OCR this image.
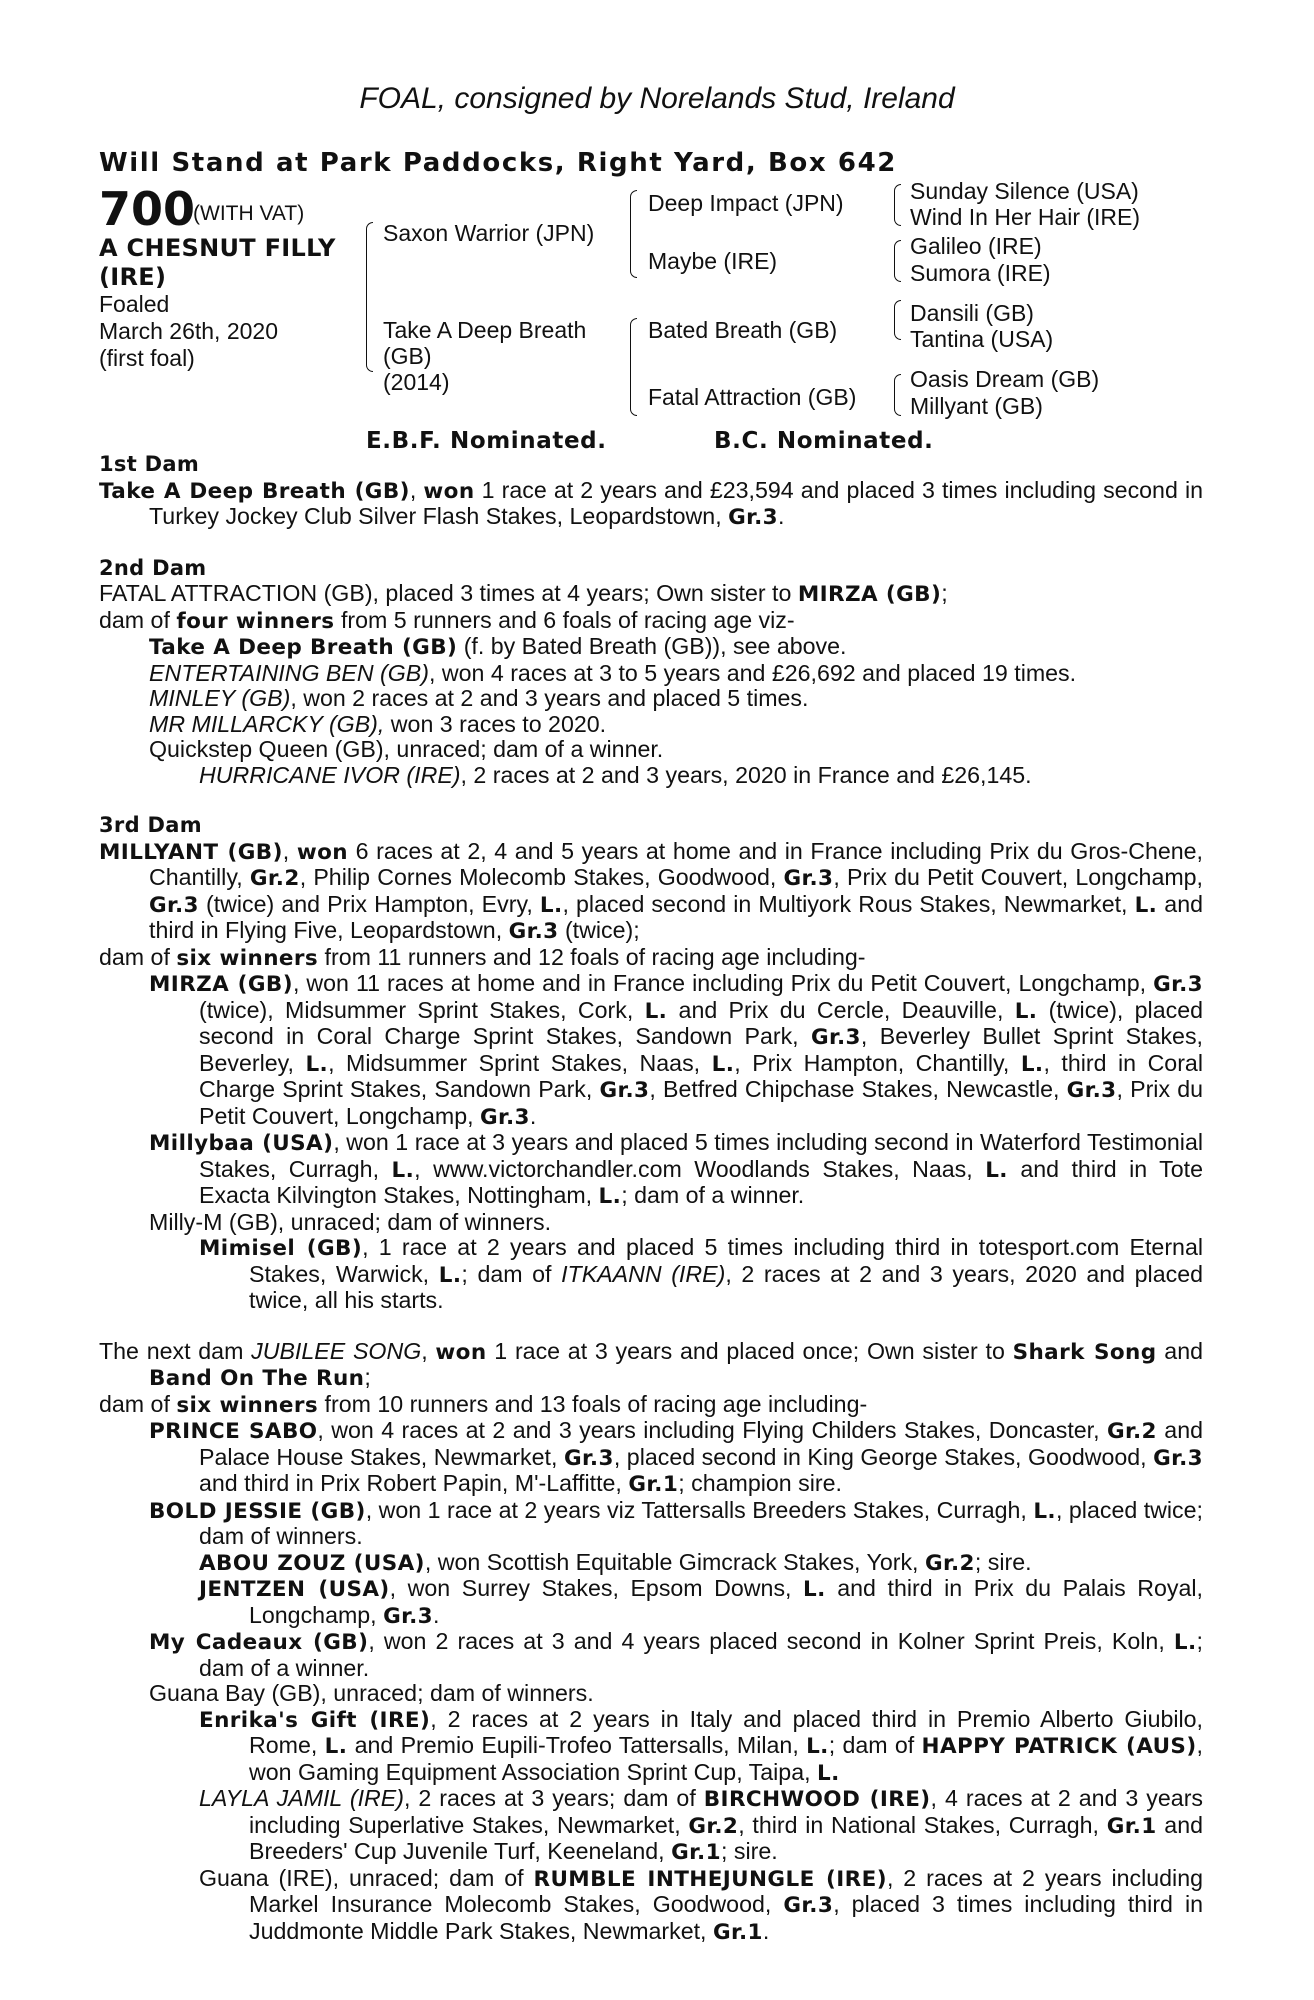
FOAL, consigned by Norelands Stud, Ireland
Will Stand at Park Paddocks, Right Yard, Box 642
700
(WITH VAT)
A CHESNUT FILLY
(IRE)
Foaled
March 26th, 2020
(first foal)
Saxon Warrior (JPN)
Take A Deep Breath
(GB)
(2014)
Deep Impact (JPN)
Maybe (IRE)
Bated Breath (GB)
Fatal Attraction (GB)
Sunday Silence (USA)
Wind In Her Hair (IRE)
Galileo (IRE)
Sumora (IRE)
Dansili (GB)
Tantina (USA)
Oasis Dream (GB)
Millyant (GB)
E.B.F. Nominated.	B.C. Nominated.
1st Dam
Take A Deep Breath (GB), won 1 race at 2 years and £23,594 and placed 3 times including second in Turkey Jockey Club Silver Flash Stakes, Leopardstown, Gr.3.
2nd Dam
FATAL ATTRACTION (GB), placed 3 times at 4 years; Own sister to MIRZA (GB);
dam of four winners from 5 runners and 6 foals of racing age viz-
Take A Deep Breath (GB) (f. by Bated Breath (GB)), see above.
ENTERTAINING BEN (GB), won 4 races at 3 to 5 years and £26,692 and placed 19 times.
MINLEY (GB), won 2 races at 2 and 3 years and placed 5 times.
MR MILLARCKY (GB), won 3 races to 2020.
Quickstep Queen (GB), unraced; dam of a winner.
HURRICANE IVOR (IRE), 2 races at 2 and 3 years, 2020 in France and £26,145.
3rd Dam
MILLYANT (GB), won 6 races at 2, 4 and 5 years at home and in France including Prix du Gros-Chene, Chantilly, Gr.2, Philip Cornes Molecomb Stakes, Goodwood, Gr.3, Prix du Petit Couvert, Longchamp, Gr.3 (twice) and Prix Hampton, Evry, L., placed second in Multiyork Rous Stakes, Newmarket, L. and third in Flying Five, Leopardstown, Gr.3 (twice);
dam of six winners from 11 runners and 12 foals of racing age including-
MIRZA (GB), won 11 races at home and in France including Prix du Petit Couvert, Longchamp, Gr.3 (twice), Midsummer Sprint Stakes, Cork, L. and Prix du Cercle, Deauville, L. (twice), placed second in Coral Charge Sprint Stakes, Sandown Park, Gr.3, Beverley Bullet Sprint Stakes, Beverley, L., Midsummer Sprint Stakes, Naas, L., Prix Hampton, Chantilly, L., third in Coral Charge Sprint Stakes, Sandown Park, Gr.3, Betfred Chipchase Stakes, Newcastle, Gr.3, Prix du Petit Couvert, Longchamp, Gr.3.
Millybaa (USA), won 1 race at 3 years and placed 5 times including second in Waterford Testimonial Stakes, Curragh, L., www.victorchandler.com Woodlands Stakes, Naas, L. and third in Tote Exacta Kilvington Stakes, Nottingham, L.; dam of a winner.
Milly-M (GB), unraced; dam of winners.
Mimisel (GB), 1 race at 2 years and placed 5 times including third in totesport.com Eternal Stakes, Warwick, L.; dam of ITKAANN (IRE), 2 races at 2 and 3 years, 2020 and placed twice, all his starts.
The next dam JUBILEE SONG, won 1 race at 3 years and placed once; Own sister to Shark Song and Band On The Run;
dam of six winners from 10 runners and 13 foals of racing age including-
PRINCE SABO, won 4 races at 2 and 3 years including Flying Childers Stakes, Doncaster, Gr.2 and Palace House Stakes, Newmarket, Gr.3, placed second in King George Stakes, Goodwood, Gr.3 and third in Prix Robert Papin, M'-Laffitte, Gr.1; champion sire.
BOLD JESSIE (GB), won 1 race at 2 years viz Tattersalls Breeders Stakes, Curragh, L., placed twice; dam of winners.
ABOU ZOUZ (USA), won Scottish Equitable Gimcrack Stakes, York, Gr.2; sire.
JENTZEN (USA), won Surrey Stakes, Epsom Downs, L. and third in Prix du Palais Royal, Longchamp, Gr.3.
My Cadeaux (GB), won 2 races at 3 and 4 years placed second in Kolner Sprint Preis, Koln, L.; dam of a winner.
Guana Bay (GB), unraced; dam of winners.
Enrika's Gift (IRE), 2 races at 2 years in Italy and placed third in Premio Alberto Giubilo, Rome, L. and Premio Eupili-Trofeo Tattersalls, Milan, L.; dam of HAPPY PATRICK (AUS), won Gaming Equipment Association Sprint Cup, Taipa, L.
LAYLA JAMIL (IRE), 2 races at 3 years; dam of BIRCHWOOD (IRE), 4 races at 2 and 3 years including Superlative Stakes, Newmarket, Gr.2, third in National Stakes, Curragh, Gr.1 and Breeders' Cup Juvenile Turf, Keeneland, Gr.1; sire.
Guana (IRE), unraced; dam of RUMBLE INTHEJUNGLE (IRE), 2 races at 2 years including Markel Insurance Molecomb Stakes, Goodwood, Gr.3, placed 3 times including third in Juddmonte Middle Park Stakes, Newmarket, Gr.1.
